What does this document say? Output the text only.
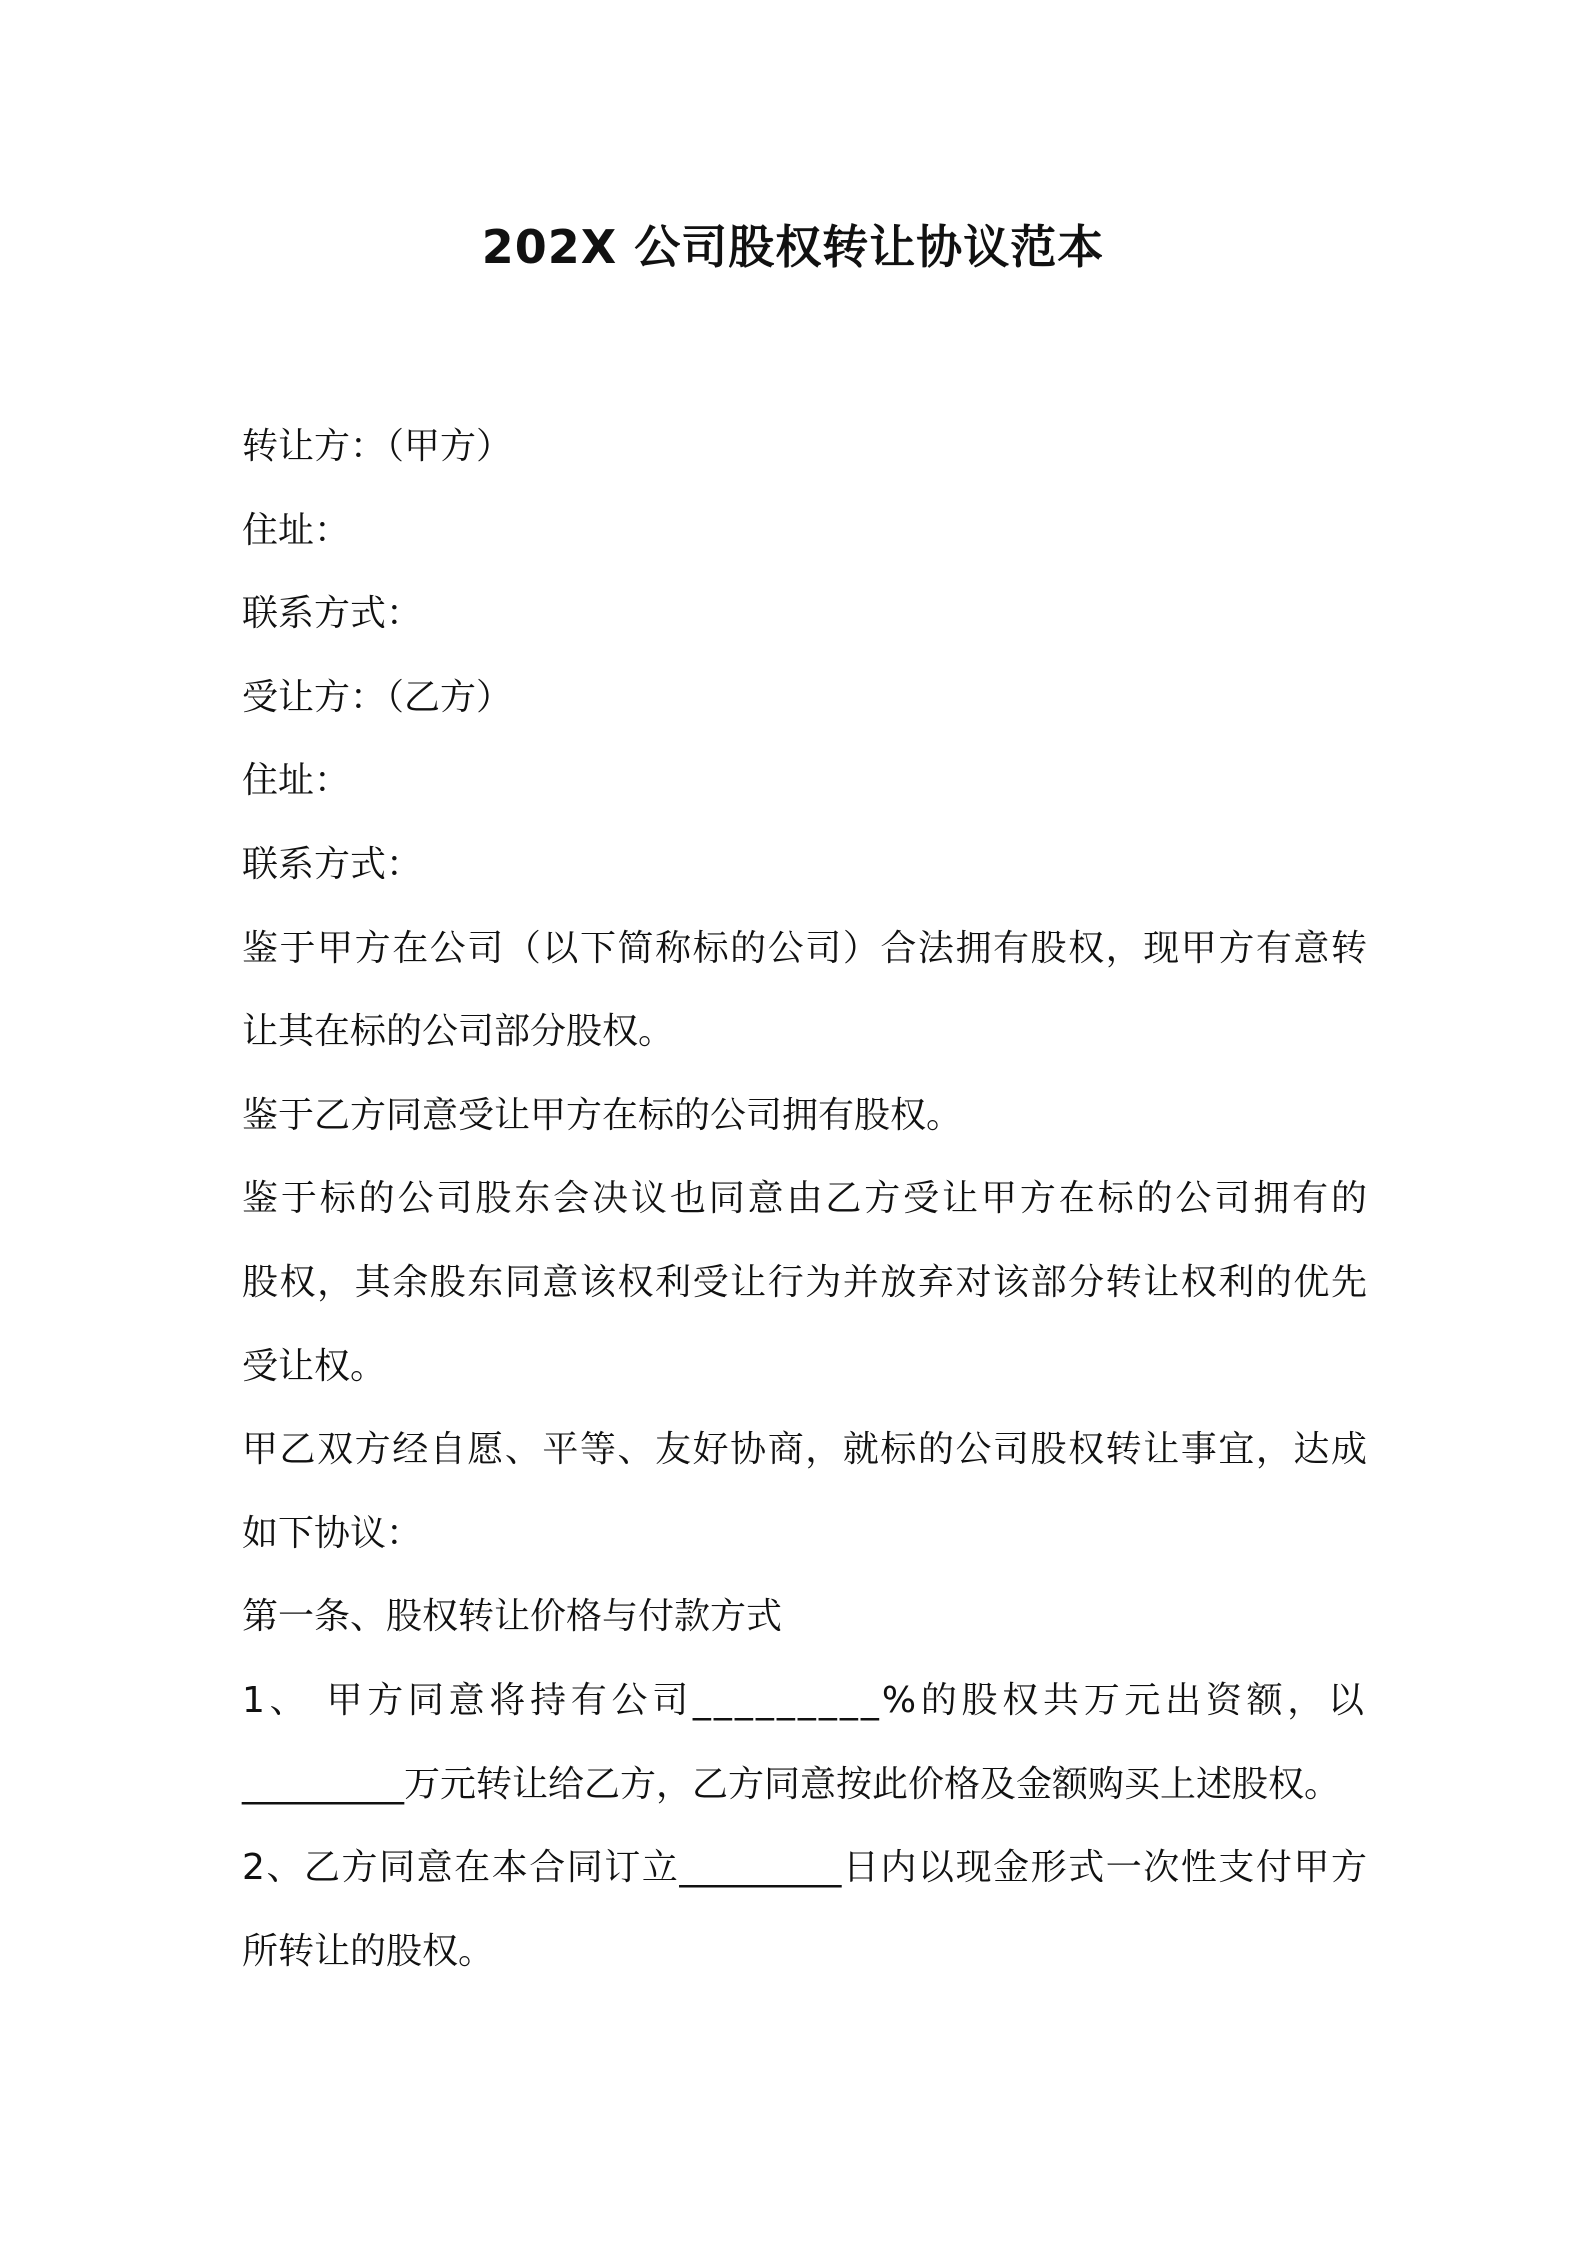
202X 公司股权转让协议范本
转让方：（甲方）
住址：
联系方式：
受让方：（乙方）
住址：
联系方式：
鉴于甲方在公司（以下简称标的公司）合法拥有股权，现甲方有意转
让其在标的公司部分股权。
鉴于乙方同意受让甲方在标的公司拥有股权。
鉴于标的公司股东会决议也同意由乙方受让甲方在标的公司拥有的
股权，其余股东同意该权利受让行为并放弃对该部分转让权利的优先
受让权。
甲乙双方经自愿、平等、友好协商，就标的公司股权转让事宜，达成
如下协议：
第一条、股权转让价格与付款方式
1、 甲方同意将持有公司_________%的股权共万元出资额，以
_________万元转让给乙方，乙方同意按此价格及金额购买上述股权。
2、乙方同意在本合同订立_________日内以现金形式一次性支付甲方
所转让的股权。
